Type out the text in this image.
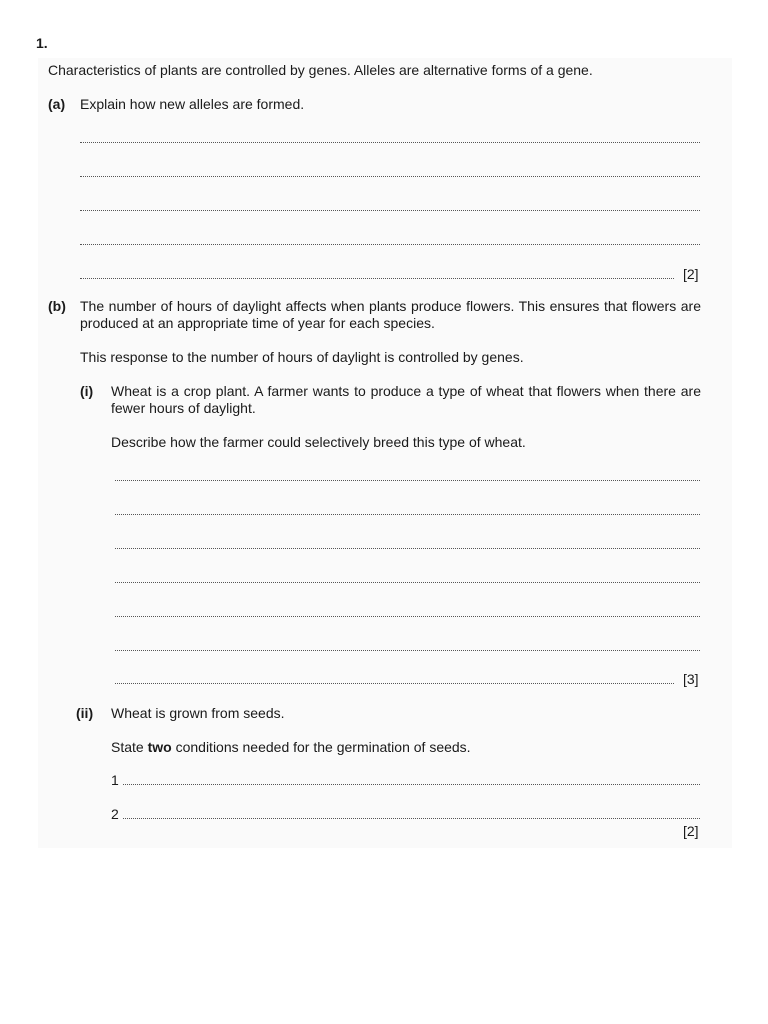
1.
Characteristics of plants are controlled by genes. Alleles are alternative forms of a gene.
(a) Explain how new alleles are formed.
[2]
(b) The number of hours of daylight affects when plants produce flowers. This ensures that flowers are produced at an appropriate time of year for each species.
This response to the number of hours of daylight is controlled by genes.
(i) Wheat is a crop plant. A farmer wants to produce a type of wheat that flowers when there are fewer hours of daylight.
Describe how the farmer could selectively breed this type of wheat.
[3]
(ii) Wheat is grown from seeds.
State two conditions needed for the germination of seeds.
1
2
[2]
